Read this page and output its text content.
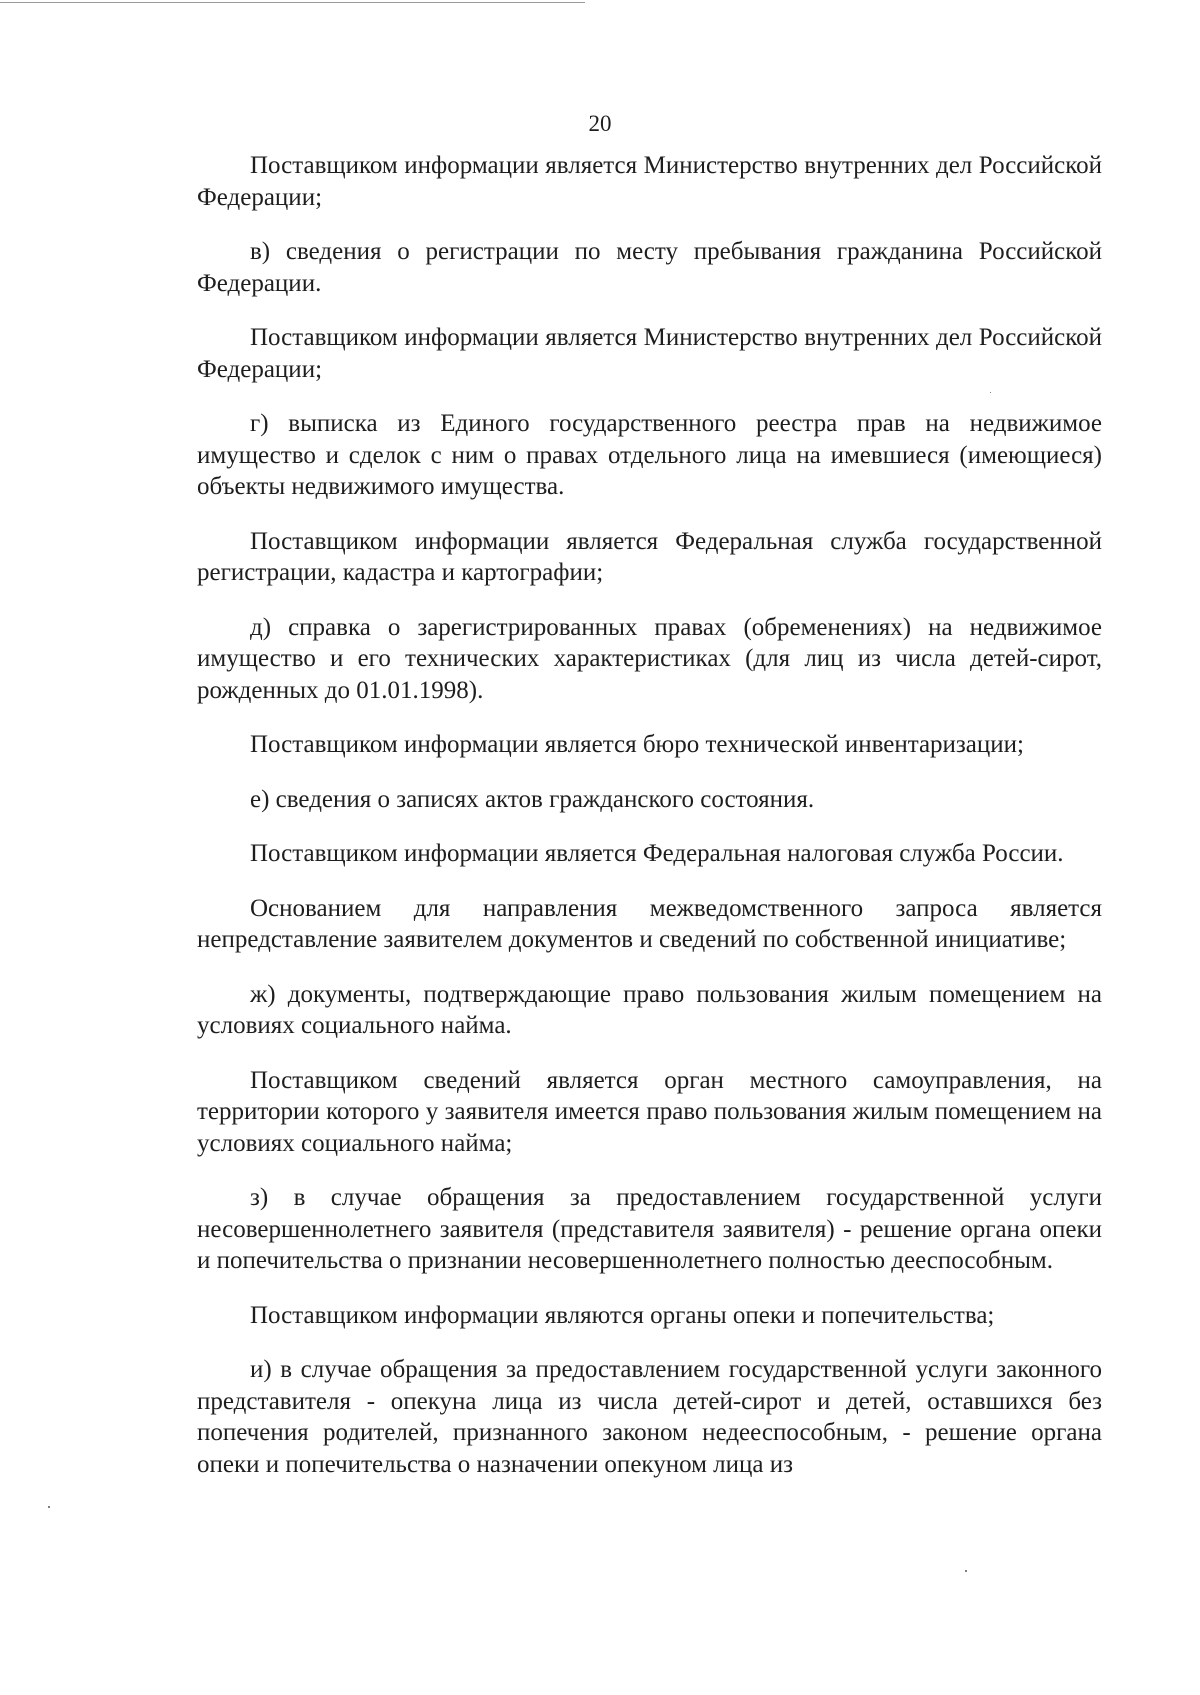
20

Поставщиком информации является Министерство внутренних дел Российской Федерации;

в) сведения о регистрации по месту пребывания гражданина Российской Федерации.

Поставщиком информации является Министерство внутренних дел Российской Федерации;

г) выписка из Единого государственного реестра прав на недвижимое имущество и сделок с ним о правах отдельного лица на имевшиеся (имеющиеся) объекты недвижимого имущества.

Поставщиком информации является Федеральная служба государственной регистрации, кадастра и картографии;

д) справка о зарегистрированных правах (обременениях) на недвижимое имущество и его технических характеристиках (для лиц из числа детей-сирот, рожденных до 01.01.1998).

Поставщиком информации является бюро технической инвентаризации;

е) сведения о записях актов гражданского состояния.

Поставщиком информации является Федеральная налоговая служба России.

Основанием для направления межведомственного запроса является непредставление заявителем документов и сведений по собственной инициативе;

ж) документы, подтверждающие право пользования жилым помещением на условиях социального найма.

Поставщиком сведений является орган местного самоуправления, на территории которого у заявителя имеется право пользования жилым помещением на условиях социального найма;

з) в случае обращения за предоставлением государственной услуги несовершеннолетнего заявителя (представителя заявителя) - решение органа опеки и попечительства о признании несовершеннолетнего полностью дееспособным.

Поставщиком информации являются органы опеки и попечительства;

и) в случае обращения за предоставлением государственной услуги законного представителя - опекуна лица из числа детей-сирот и детей, оставшихся без попечения родителей, признанного законом недееспособным, - решение органа опеки и попечительства о назначении опекуном лица из
